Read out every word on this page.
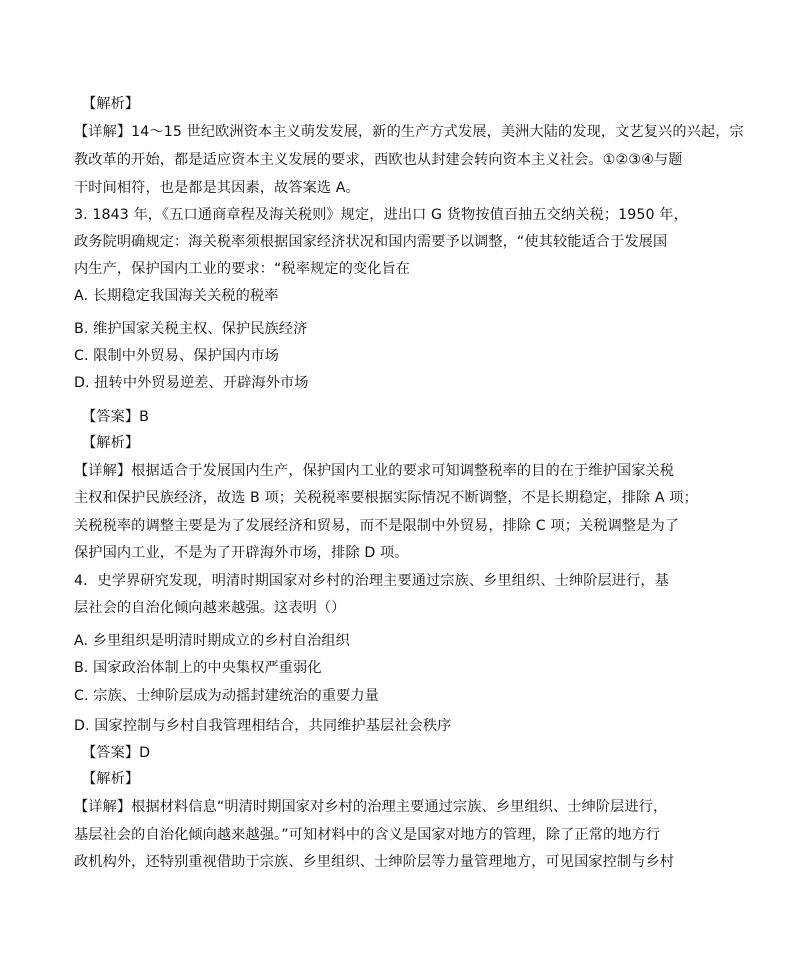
【解析】
【详解】14～15 世纪欧洲资本主义萌发发展，新的生产方式发展，美洲大陆的发现，文艺复兴的兴起，宗
教改革的开始，都是适应资本主义发展的要求，西欧也从封建会转向资本主义社会。①②③④与题
干时间相符，也是都是其因素，故答案选 A。
3. 1843 年，《五口通商章程及海关税则》规定，进出口 G 货物按值百抽五交纳关税；1950 年，
政务院明确规定：海关税率须根据国家经济状况和国内需要予以调整，“使其较能适合于发展国
内生产，保护国内工业的要求：“税率规定的变化旨在
A. 长期稳定我国海关关税的税率
B. 维护国家关税主权、保护民族经济
C. 限制中外贸易、保护国内市场
D. 扭转中外贸易逆差、开辟海外市场
【答案】B
【解析】
【详解】根据适合于发展国内生产，保护国内工业的要求可知调整税率的目的在于维护国家关税
主权和保护民族经济，故选 B 项；关税税率要根据实际情况不断调整，不是长期稳定，排除 A 项；
关税税率的调整主要是为了发展经济和贸易，而不是限制中外贸易，排除 C 项；关税调整是为了
保护国内工业，不是为了开辟海外市场，排除 D 项。
4．史学界研究发现，明清时期国家对乡村的治理主要通过宗族、乡里组织、士绅阶层进行，基
层社会的自治化倾向越来越强。这表明（）
A. 乡里组织是明清时期成立的乡村自治组织
B. 国家政治体制上的中央集权严重弱化
C. 宗族、士绅阶层成为动摇封建统治的重要力量
D. 国家控制与乡村自我管理相结合，共同维护基层社会秩序
【答案】D
【解析】
【详解】根据材料信息“明清时期国家对乡村的治理主要通过宗族、乡里组织、士绅阶层进行，
基层社会的自治化倾向越来越强。”可知材料中的含义是国家对地方的管理，除了正常的地方行
政机构外，还特别重视借助于宗族、乡里组织、士绅阶层等力量管理地方，可见国家控制与乡村
